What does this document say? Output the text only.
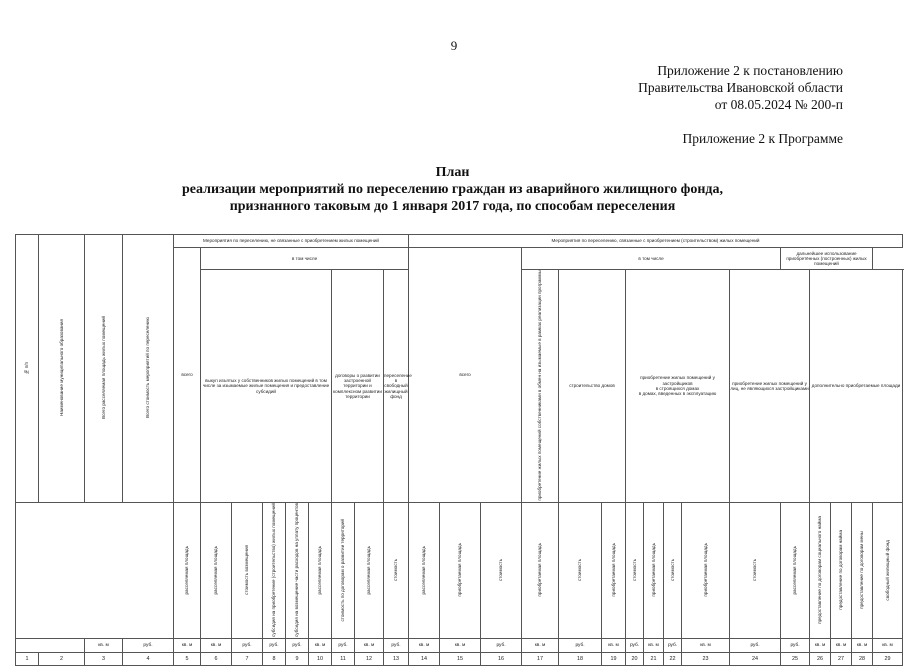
9
Приложение 2 к постановлению
Правительства Ивановской области
от 08.05.2024 № 200-п
Приложение 2 к Программе
План
реализации мероприятий по переселению граждан из аварийного жилищного фонда,
признанного таковым до 1 января 2017 года, по способам переселения
№ п/п	Наименование муниципального образования	Всего расселяемая площадь жилых помещений	Всего стоимость мероприятий по переселению	Мероприятия по переселению, не связанные с приобретением жилых помещений									Мероприятия по переселению, связанные с приобретением (строительством) жилых помещений															
				всего	в том числе								всего			в том числе								дальнейшее использование приобретённых (построенных) жилых помещений				
					выкуп изъятых у собственников жилых помещений в том числе за изымаемые жилые помещения и предоставление субсидий					договоры о развитии застроенной территории и комплексном развитии территории		переселение в свободный жилищный фонд				приобретение жилых помещений собственниками в обмен на изымаемые в рамках реализации программы	строительство домов		приобретение жилых помещений у застройщиков
в строящихся домах
в домах, введенных в эксплуатацию				приобретение жилых помещений у лиц, не являющихся застройщиками		дополнительно приобретаемые площади			
				расселяемая площадь	расселяемая площадь	стоимость возмещения	субсидия на приобретение (строительство) жилых помещений	субсидия на возмещение части расходов на уплату процентов	расселяемая площадь	стоимость по договорам о развитии территорий	расселяемая площадь	стоимость	расселяемая площадь	приобретаемая площадь	стоимость	приобретаемая площадь	стоимость	приобретаемая площадь	стоимость	приобретаемая площадь	стоимость	приобретаемая площадь	стоимость	расселяемая площадь	предоставление по договорам социального найма	предоставление по договорам найма	предоставление по договорам мены	свободный жилищный фонд
		кв. м	руб.	кв. м	кв. м	руб.	руб.	руб.	кв. м	руб.	кв. м	руб.	кв. м	кв. м	руб.	кв. м	руб.	кв. м	руб.	кв. м	руб.	кв. м	руб.	руб.	кв. м	кв. м	кв. м	кв. м
1	2	3	4	5	6	7	8	9	10	11	12	13	14	15	16	17	18	19	20	21	22	23	24	25	26	27	28	29
